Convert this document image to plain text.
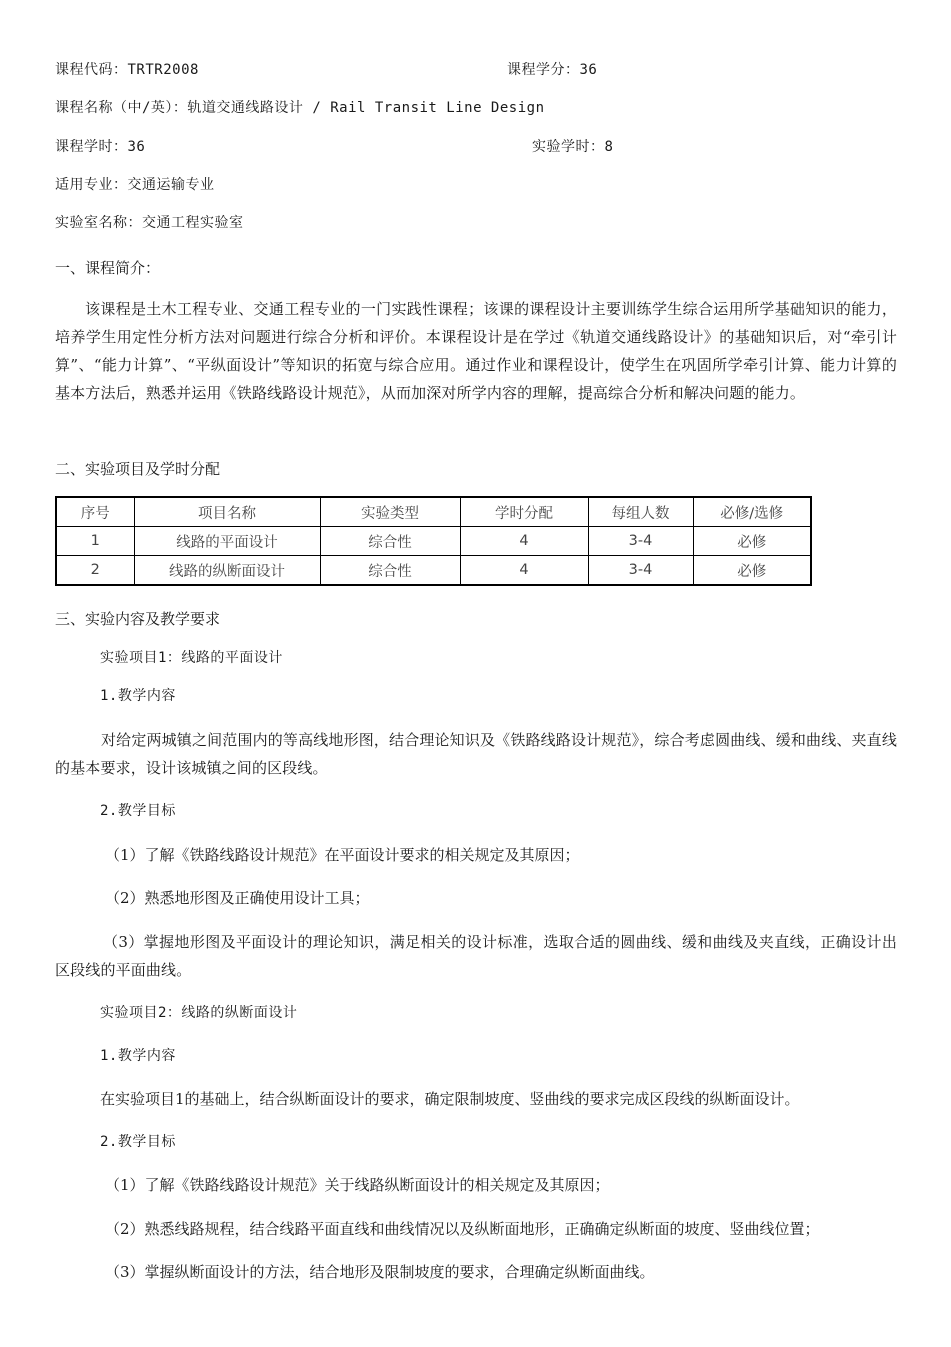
课程代码：TRTR2008	课程学分：36
课程名称（中/英）：轨道交通线路设计 / Rail Transit Line Design
课程学时：36	实验学时：8
适用专业：交通运输专业
实验室名称：交通工程实验室
一、课程简介：

该课程是土木工程专业、交通工程专业的一门实践性课程；该课的课程设计主要训练学生综合运用所学基础知识的能力，培养学生用定性分析方法对问题进行综合分析和评价。本课程设计是在学过《轨道交通线路设计》的基础知识后，对“牵引计算”、“能力计算”、“平纵面设计”等知识的拓宽与综合应用。通过作业和课程设计，使学生在巩固所学牵引计算、能力计算的基本方法后，熟悉并运用《铁路线路设计规范》，从而加深对所学内容的理解，提高综合分析和解决问题的能力。

二、实验项目及学时分配
序号	项目名称	实验类型	学时分配	每组人数	必修/选修
1	线路的平面设计	综合性	4	3-4	必修
2	线路的纵断面设计	综合性	4	3-4	必修
三、实验内容及教学要求
实验项目1：线路的平面设计
1.教学内容

对给定两城镇之间范围内的等高线地形图，结合理论知识及《铁路线路设计规范》，综合考虑圆曲线、缓和曲线、夹直线的基本要求，设计该城镇之间的区段线。

2.教学目标
（1）了解《铁路线路设计规范》在平面设计要求的相关规定及其原因；
（2）熟悉地形图及正确使用设计工具；

（3）掌握地形图及平面设计的理论知识，满足相关的设计标准，选取合适的圆曲线、缓和曲线及夹直线，正确设计出区段线的平面曲线。

实验项目2：线路的纵断面设计
1.教学内容
在实验项目1的基础上，结合纵断面设计的要求，确定限制坡度、竖曲线的要求完成区段线的纵断面设计。
2.教学目标
（1）了解《铁路线路设计规范》关于线路纵断面设计的相关规定及其原因；
（2）熟悉线路规程，结合线路平面直线和曲线情况以及纵断面地形，正确确定纵断面的坡度、竖曲线位置；
（3）掌握纵断面设计的方法，结合地形及限制坡度的要求，合理确定纵断面曲线。
